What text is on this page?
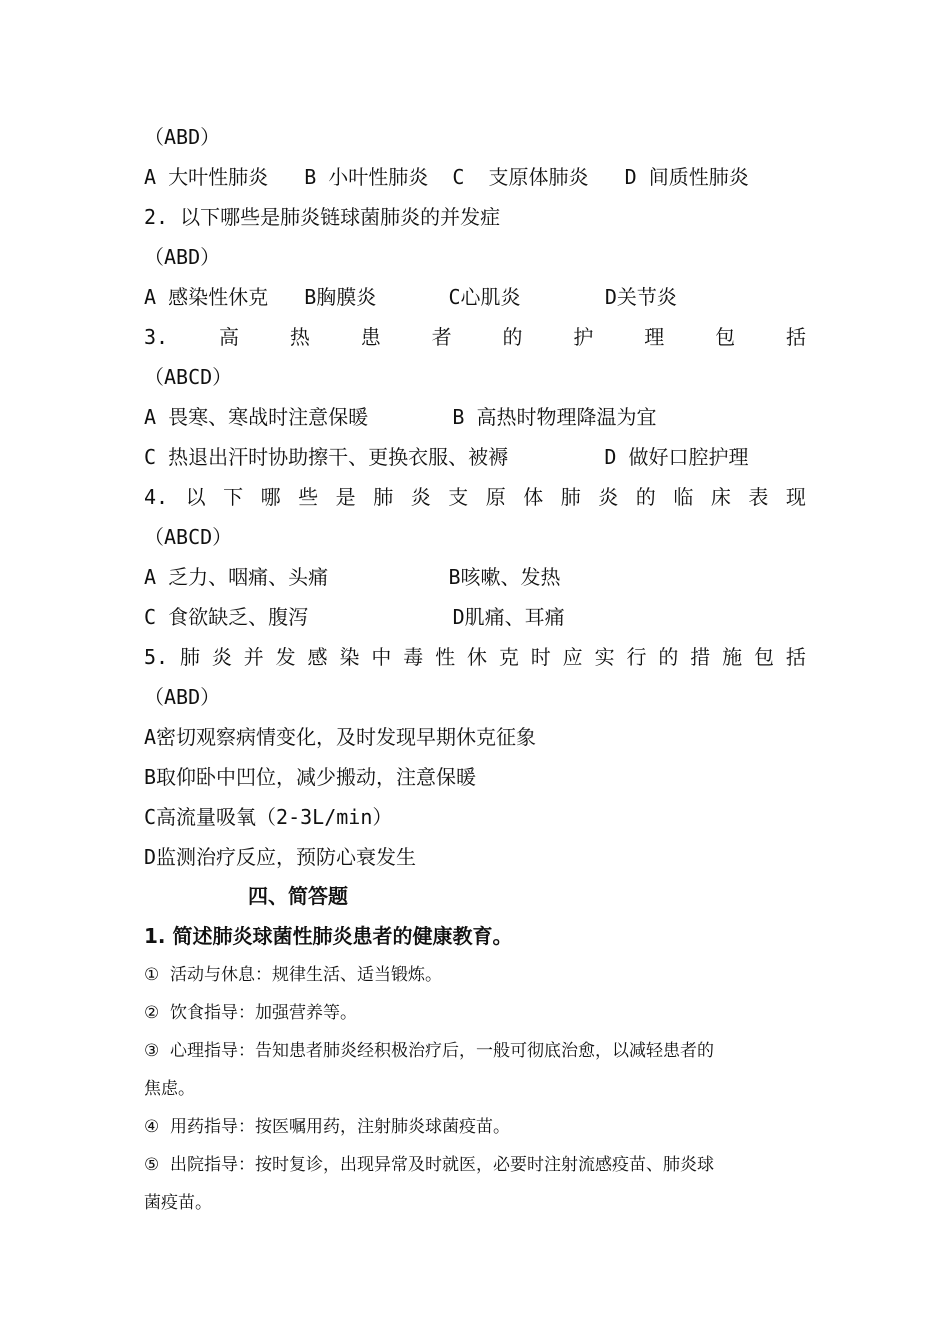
（ABD）
A 大叶性肺炎   B 小叶性肺炎  C  支原体肺炎   D 间质性肺炎
2. 以下哪些是肺炎链球菌肺炎的并发症
（ABD）
A 感染性休克   B胸膜炎      C心肌炎       D关节炎
3.	高	热	患	者	的	护	理	包	括
（ABCD）
A 畏寒、寒战时注意保暖       B 高热时物理降温为宜
C 热退出汗时协助擦干、更换衣服、被褥        D 做好口腔护理
4. 以 下 哪 些 是 肺 炎 支 原 体 肺 炎 的 临 床 表 现
（ABCD）
A 乏力、咽痛、头痛          B咳嗽、发热
C 食欲缺乏、腹泻            D肌痛、耳痛
5. 肺 炎 并 发 感 染 中 毒 性 休 克 时 应 实 行 的 措 施 包 括
（ABD）
A密切观察病情变化，及时发现早期休克征象
B取仰卧中凹位，减少搬动，注意保暖
C高流量吸氧（2-3L/min）
D监测治疗反应，预防心衰发生
四、简答题
1. 简述肺炎球菌性肺炎患者的健康教育。
①  活动与休息：规律生活、适当锻炼。
②  饮食指导：加强营养等。
③  心理指导：告知患者肺炎经积极治疗后，一般可彻底治愈，以减轻患者的
焦虑。
④  用药指导：按医嘱用药，注射肺炎球菌疫苗。
⑤  出院指导：按时复诊，出现异常及时就医，必要时注射流感疫苗、肺炎球
菌疫苗。
